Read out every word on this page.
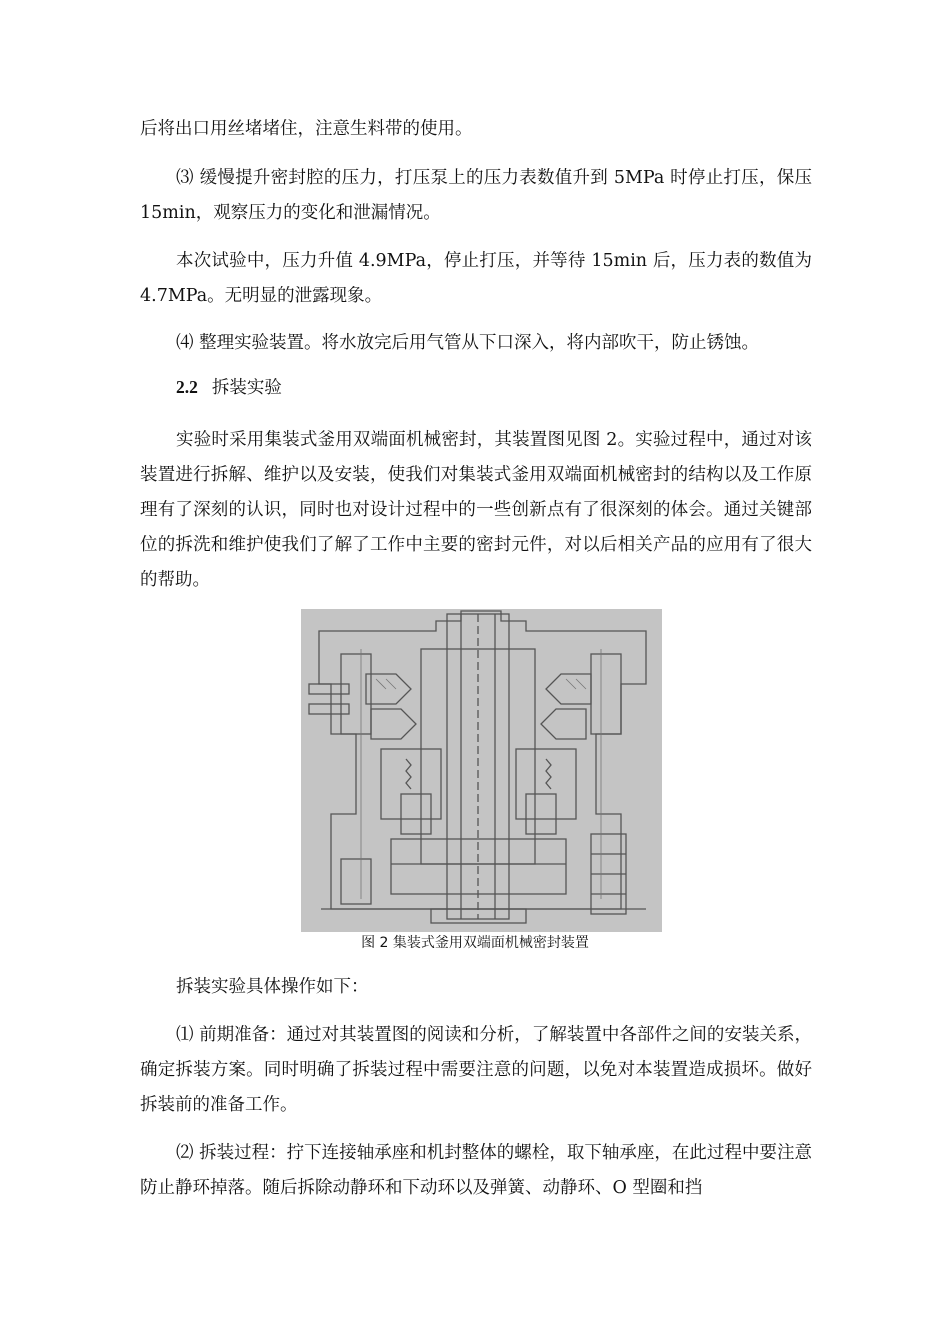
后将出口用丝堵堵住，注意生料带的使用。

⑶ 缓慢提升密封腔的压力，打压泵上的压力表数值升到 5MPa 时停止打压，保压 15min，观察压力的变化和泄漏情况。

本次试验中，压力升值 4.9MPa，停止打压，并等待 15min 后，压力表的数值为 4.7MPa。无明显的泄露现象。

⑷ 整理实验装置。将水放完后用气管从下口深入，将内部吹干，防止锈蚀。

2.2 拆装实验

实验时采用集装式釜用双端面机械密封，其装置图见图 2。实验过程中，通过对该装置进行拆解、维护以及安装，使我们对集装式釜用双端面机械密封的结构以及工作原理有了深刻的认识，同时也对设计过程中的一些创新点有了很深刻的体会。通过关键部位的拆洗和维护使我们了解了工作中主要的密封元件，对以后相关产品的应用有了很大的帮助。

图 2 集装式釜用双端面机械密封装置

拆装实验具体操作如下：

⑴ 前期准备：通过对其装置图的阅读和分析，了解装置中各部件之间的安装关系，确定拆装方案。同时明确了拆装过程中需要注意的问题，以免对本装置造成损坏。做好拆装前的准备工作。

⑵ 拆装过程：拧下连接轴承座和机封整体的螺栓，取下轴承座，在此过程中要注意防止静环掉落。随后拆除动静环和下动环以及弹簧、动静环、O 型圈和挡
